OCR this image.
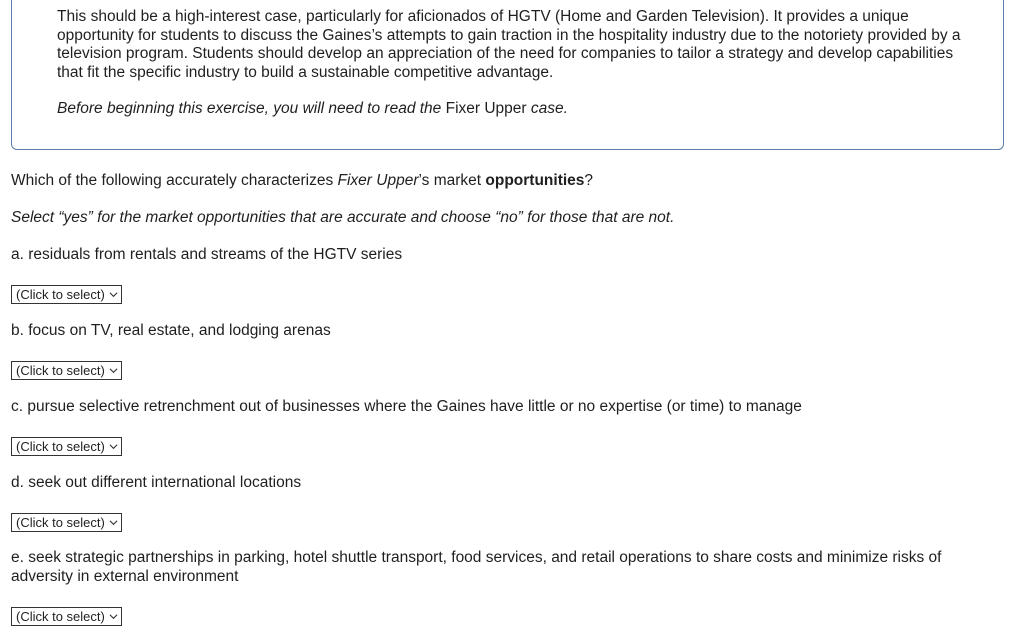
This should be a high-interest case, particularly for aficionados of HGTV (Home and Garden Television). It provides a unique opportunity for students to discuss the Gaines’s attempts to gain traction in the hospitality industry due to the notoriety provided by a television program. Students should develop an appreciation of the need for companies to tailor a strategy and develop capabilities that fit the specific industry to build a sustainable competitive advantage.

Before beginning this exercise, you will need to read the Fixer Upper case.

Which of the following accurately characterizes Fixer Upper’s market opportunities?

Select “yes” for the market opportunities that are accurate and choose “no” for those that are not.

a. residuals from rentals and streams of the HGTV series

(Click to select)

b. focus on TV, real estate, and lodging arenas

(Click to select)

c. pursue selective retrenchment out of businesses where the Gaines have little or no expertise (or time) to manage

(Click to select)

d. seek out different international locations

(Click to select)

e. seek strategic partnerships in parking, hotel shuttle transport, food services, and retail operations to share costs and minimize risks of adversity in external environment

(Click to select)
